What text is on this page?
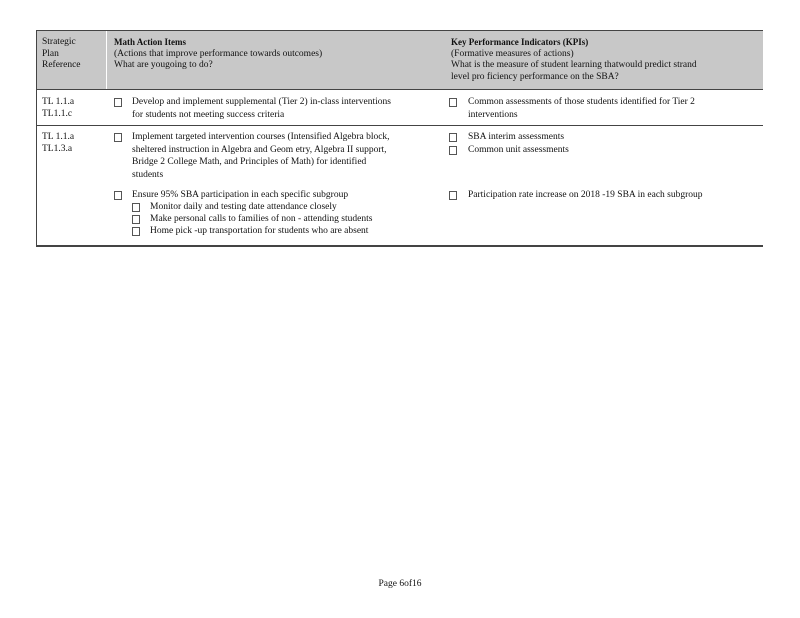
Strategic
Plan
Reference
Math Action Items
(Actions that improve performance towards outcomes)
What are yougoing to do?
Key Performance Indicators (KPIs)
(Formative measures of actions)
What is the measure of student learning thatwould predict strand
level pro ficiency performance on the SBA?
TL 1.1.a
TL1.1.c
Develop and implement supplemental (Tier 2) in-class interventions
for students not meeting success criteria
Common assessments of those students identified for Tier 2
interventions
TL 1.1.a
TL1.3.a
Implement targeted intervention courses (Intensified Algebra block,
sheltered instruction in Algebra and Geom etry, Algebra II support,
Bridge 2 College Math, and Principles of Math) for identified
students
Ensure 95% SBA participation in each specific subgroup
Monitor daily and testing date attendance closely
Make personal calls to families of non - attending students
Home pick -up transportation for students who are absent
SBA interim assessments
Common unit assessments
Participation rate increase on 2018 -19 SBA in each subgroup
Page 6of16
